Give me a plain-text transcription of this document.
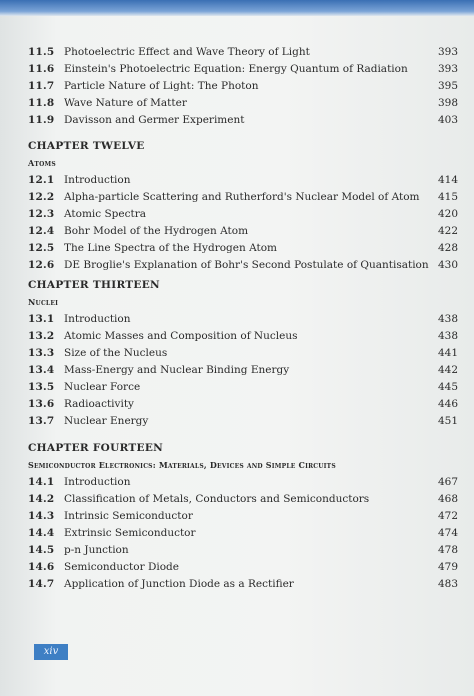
11.5 Photoelectric Effect and Wave Theory of Light	393
11.6 Einstein's Photoelectric Equation: Energy Quantum of Radiation	393
11.7 Particle Nature of Light: The Photon	395
11.8 Wave Nature of Matter	398
11.9 Davisson and Germer Experiment	403
CHAPTER TWELVE
Atoms
12.1 Introduction	414
12.2 Alpha-particle Scattering and Rutherford's Nuclear Model of Atom 415
12.3 Atomic Spectra	420
12.4 Bohr Model of the Hydrogen Atom	422
12.5 The Line Spectra of the Hydrogen Atom	428
12.6 DE Broglie's Explanation of Bohr's Second Postulate of Quantisation 430
CHAPTER THIRTEEN
Nuclei
13.1 Introduction	438
13.2 Atomic Masses and Composition of Nucleus	438
13.3 Size of the Nucleus	441
13.4 Mass-Energy and Nuclear Binding Energy	442
13.5 Nuclear Force	445
13.6 Radioactivity	446
13.7 Nuclear Energy	451
CHAPTER FOURTEEN
Semiconductor Electronics: Materials, Devices and Simple Circuits
14.1 Introduction	467
14.2 Classification of Metals, Conductors and Semiconductors	468
14.3 Intrinsic Semiconductor	472
14.4 Extrinsic Semiconductor	474
14.5 p-n Junction	478
14.6 Semiconductor Diode	479
14.7 Application of Junction Diode as a Rectifier	483
xiv
